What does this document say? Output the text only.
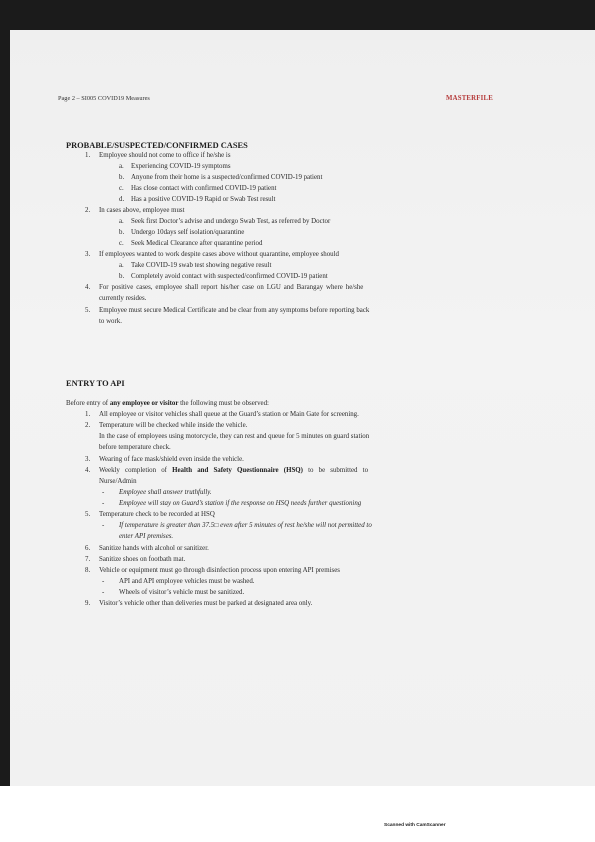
Page 2 – SI005 COVID19 Measures	MASTERFILE
PROBABLE/SUSPECTED/CONFIRMED CASES
1. Employee should not come to office if he/she is
a. Experiencing COVID-19 symptoms
b. Anyone from their home is a suspected/confirmed COVID-19 patient
c. Has close contact with confirmed COVID-19 patient
d. Has a positive COVID-19 Rapid or Swab Test result
2. In cases above, employee must
a. Seek first Doctor’s advise and undergo Swab Test, as referred by Doctor
b. Undergo 10days self isolation/quarantine
c. Seek Medical Clearance after quarantine period
3. If employees wanted to work despite cases above without quarantine, employee should
a. Take COVID-19 swab test showing negative result
b. Completely avoid contact with suspected/confirmed COVID-19 patient
4. For positive cases, employee shall report his/her case on LGU and Barangay where he/she
currently resides.
5. Employee must secure Medical Certificate and be clear from any symptoms before reporting back
to work.
ENTRY TO API
Before entry of any employee or visitor the following must be observed:
1. All employee or visitor vehicles shall queue at the Guard’s station or Main Gate for screening.
2. Temperature will be checked while inside the vehicle.
In the case of employees using motorcycle, they can rest and queue for 5 minutes on guard station
before temperature check.
3. Wearing of face mask/shield even inside the vehicle.
4. Weekly   completion   of   Health   and   Safety   Questionnaire   (HSQ)   to   be   submitted   to
Nurse/Admin
- Employee shall answer truthfully.
- Employee will stay on Guard’s station if the response on HSQ needs further questioning
5. Temperature check to be recorded at HSQ
- If temperature is greater than 37.5□ even after 5 minutes of rest he/she will not permitted to
enter API premises.
6. Sanitize hands with alcohol or sanitizer.
7. Sanitize shoes on footbath mat.
8. Vehicle or equipment must go through disinfection process upon entering API premises
- API and API employee vehicles must be washed.
- Wheels of visitor’s vehicle must be sanitized.
9. Visitor’s vehicle other than deliveries must be parked at designated area only.
Scanned with CamScanner
